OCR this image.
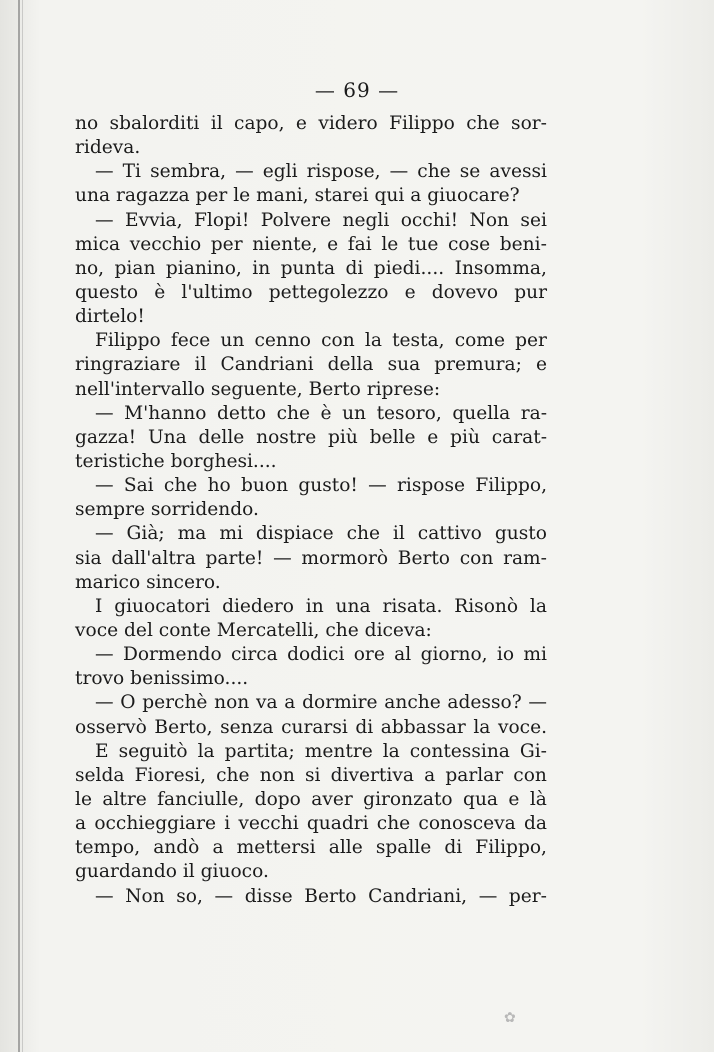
— 69 —
no sbalorditi il capo, e videro Filippo che sor-
rideva.
— Ti sembra, — egli rispose, — che se avessi
una ragazza per le mani, starei qui a giuocare?
— Evvia, Flopi! Polvere negli occhi! Non sei
mica vecchio per niente, e fai le tue cose beni-
no, pian pianino, in punta di piedi.... Insomma,
questo è l'ultimo pettegolezzo e dovevo pur
dirtelo!
Filippo fece un cenno con la testa, come per
ringraziare il Candriani della sua premura; e
nell'intervallo seguente, Berto riprese:
— M'hanno detto che è un tesoro, quella ra-
gazza! Una delle nostre più belle e più carat-
teristiche borghesi....
— Sai che ho buon gusto! — rispose Filippo,
sempre sorridendo.
— Già; ma mi dispiace che il cattivo gusto
sia dall'altra parte! — mormorò Berto con ram-
marico sincero.
I giuocatori diedero in una risata. Risonò la
voce del conte Mercatelli, che diceva:
— Dormendo circa dodici ore al giorno, io mi
trovo benissimo....
— O perchè non va a dormire anche adesso? —
osservò Berto, senza curarsi di abbassar la voce.
E seguitò la partita; mentre la contessina Gi-
selda Fioresi, che non si divertiva a parlar con
le altre fanciulle, dopo aver gironzato qua e là
a occhieggiare i vecchi quadri che conosceva da
tempo, andò a mettersi alle spalle di Filippo,
guardando il giuoco.
— Non so, — disse Berto Candriani, — per-
✿
